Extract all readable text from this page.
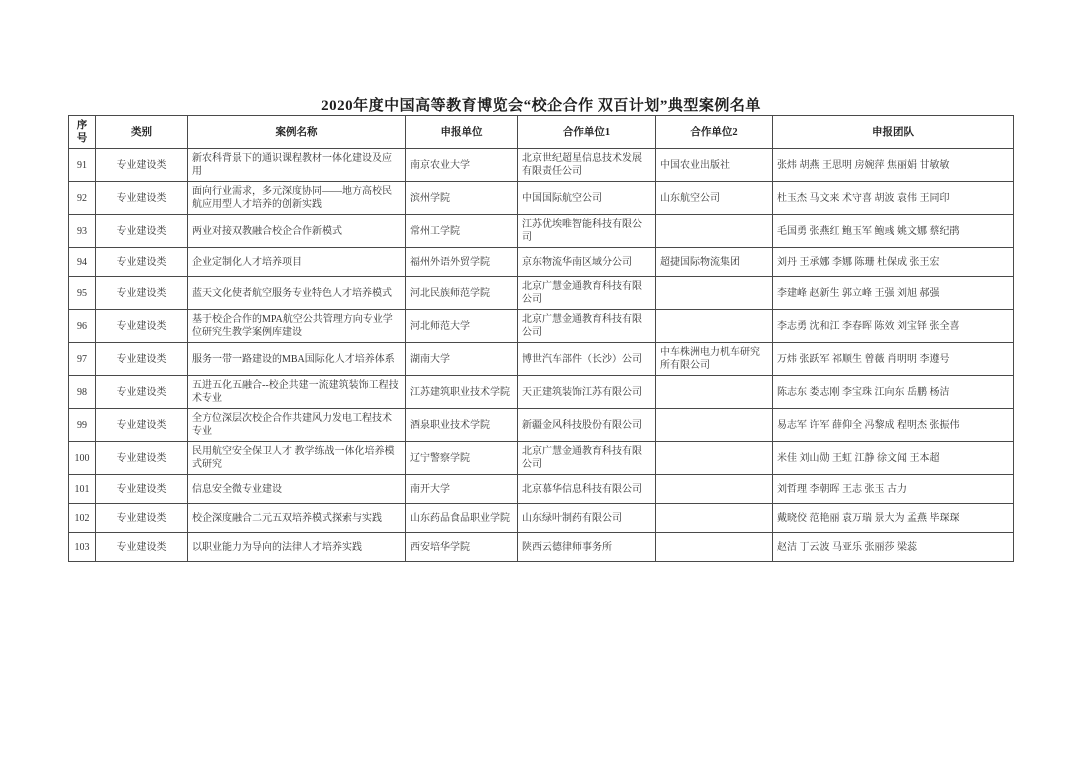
2020年度中国高等教育博览会“校企合作 双百计划”典型案例名单
序号	类别	案例名称	申报单位	合作单位1	合作单位2	申报团队
91	专业建设类	新农科背景下的通识课程教材一体化建设及应用	南京农业大学	北京世纪超星信息技术发展有限责任公司	中国农业出版社	张炜 胡燕 王思明 房婉萍 焦丽娟 甘敏敏
92	专业建设类	面向行业需求，多元深度协同——地方高校民航应用型人才培养的创新实践	滨州学院	中国国际航空公司	山东航空公司	杜玉杰 马文来 术守喜 胡波 袁伟 王同印
93	专业建设类	两业对接双教融合校企合作新模式	常州工学院	江苏优埃唯智能科技有限公司		毛国勇 张燕红 鲍玉军 鲍彧 姚文娜 蔡纪鹃
94	专业建设类	企业定制化人才培养项目	福州外语外贸学院	京东物流华南区域分公司	超捷国际物流集团	刘丹 王承娜 李娜 陈珊 杜保成 张王宏
95	专业建设类	蓝天文化使者航空服务专业特色人才培养模式	河北民族师范学院	北京广慧金通教育科技有限公司		李建峰 赵新生 郭立峰 王强 刘旭 郝强
96	专业建设类	基于校企合作的MPA航空公共管理方向专业学位研究生教学案例库建设	河北师范大学	北京广慧金通教育科技有限公司		李志勇 沈和江 李春晖 陈效 刘宝铎 张全喜
97	专业建设类	服务一带一路建设的MBA国际化人才培养体系	湖南大学	博世汽车部件（长沙）公司	中车株洲电力机车研究所有限公司	万炜 张跃军 祁顺生 曾薇 肖明明 李遵号
98	专业建设类	五进五化五融合--校企共建一流建筑装饰工程技术专业	江苏建筑职业技术学院	天正建筑装饰江苏有限公司		陈志东 娄志刚 李宝珠 江向东 岳鹏 杨洁
99	专业建设类	全方位深层次校企合作共建风力发电工程技术专业	酒泉职业技术学院	新疆金风科技股份有限公司		易志军 许军 薛仰全 冯黎成 程明杰 张振伟
100	专业建设类	民用航空安全保卫人才 教学练战一体化培养模式研究	辽宁警察学院	北京广慧金通教育科技有限公司		米佳 刘山勋 王虹 江静 徐文闻 王本超
101	专业建设类	信息安全微专业建设	南开大学	北京慕华信息科技有限公司		刘哲理 李朝晖 王志 张玉 古力
102	专业建设类	校企深度融合二元五双培养模式探索与实践	山东药品食品职业学院	山东绿叶制药有限公司		戴晓佼 范艳丽 袁万瑞 景大为 孟燕 毕琛琛
103	专业建设类	以职业能力为导向的法律人才培养实践	西安培华学院	陕西云德律师事务所		赵洁 丁云波 马亚乐 张丽莎 梁蕊
